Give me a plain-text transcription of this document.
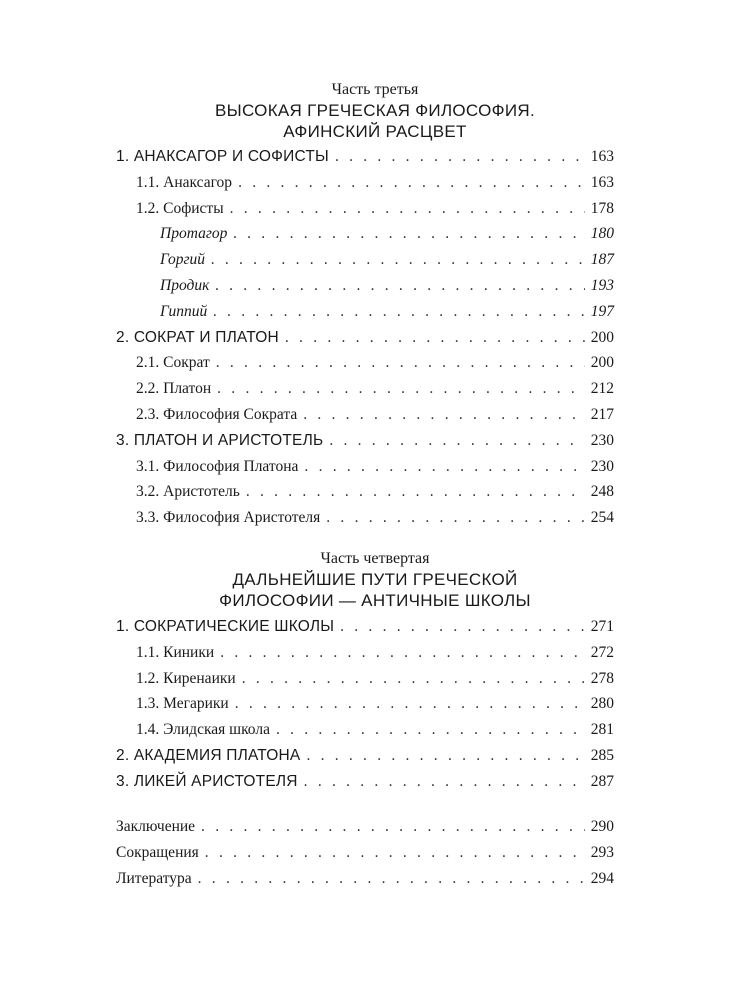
Часть третья
ВЫСОКАЯ ГРЕЧЕСКАЯ ФИЛОСОФИЯ.
АФИНСКИЙ РАСЦВЕТ
1. АНАКСАГОР И СОФИСТЫ . . .	163
1.1. Анаксагор . . .	163
1.2. Софисты . . .	178
Протагор . . .	180
Горгий . . .	187
Продик . . .	193
Гиппий . . .	197
2. СОКРАТ И ПЛАТОН . . .	200
2.1. Сократ . . .	200
2.2. Платон . . .	212
2.3. Философия Сократа . . .	217
3. ПЛАТОН И АРИСТОТЕЛЬ . . .	230
3.1. Философия Платона . . .	230
3.2. Аристотель . . .	248
3.3. Философия Аристотеля . . .	254
Часть четвертая
ДАЛЬНЕЙШИЕ ПУТИ ГРЕЧЕСКОЙ
ФИЛОСОФИИ — АНТИЧНЫЕ ШКОЛЫ
1. СОКРАТИЧЕСКИЕ ШКОЛЫ . . .	271
1.1. Киники . . .	272
1.2. Киренаики . . .	278
1.3. Мегарики . . .	280
1.4. Элидская школа . . .	281
2. АКАДЕМИЯ ПЛАТОНА . . .	285
3. ЛИКЕЙ АРИСТОТЕЛЯ . . .	287
Заключение . . .	290
Сокращения . . .	293
Литература . . .	294
